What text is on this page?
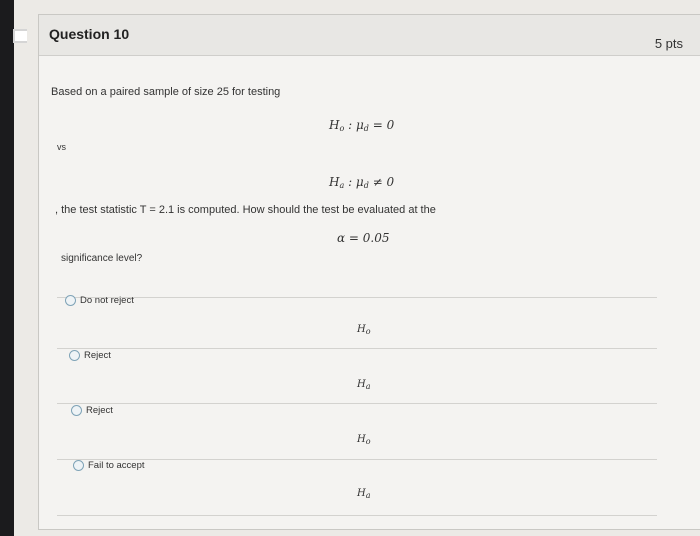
Question 10
5 pts
Based on a paired sample of size 25 for testing
$H_o$ : $\mu_d = 0$
vs
$H_a$ : $\mu_d \ne 0$
, the test statistic T = 2.1 is computed. How should the test be evaluated at the
α = 0.05
significance level?
Do not reject
$H_o$
Reject
$H_a$
Reject
$H_o$
Fail to accept
$H_a$
